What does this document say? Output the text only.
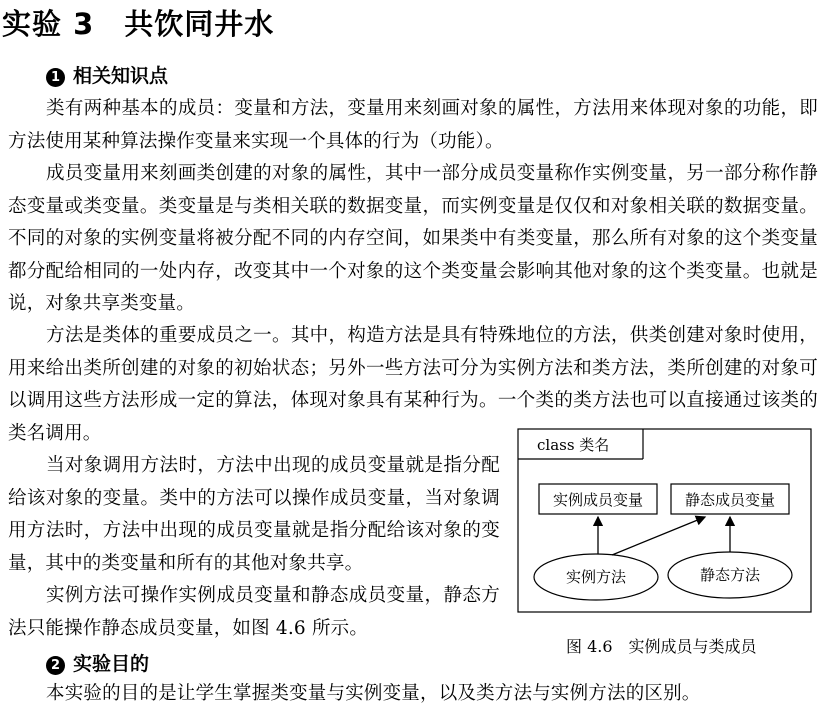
实验 3　共饮同井水
1 相关知识点
类有两种基本的成员：变量和方法，变量用来刻画对象的属性，方法用来体现对象的功能，即方法使用某种算法操作变量来实现一个具体的行为（功能）。
成员变量用来刻画类创建的对象的属性，其中一部分成员变量称作实例变量，另一部分称作静态变量或类变量。类变量是与类相关联的数据变量，而实例变量是仅仅和对象相关联的数据变量。不同的对象的实例变量将被分配不同的内存空间，如果类中有类变量，那么所有对象的这个类变量都分配给相同的一处内存，改变其中一个对象的这个类变量会影响其他对象的这个类变量。也就是说，对象共享类变量。
方法是类体的重要成员之一。其中，构造方法是具有特殊地位的方法，供类创建对象时使用，用来给出类所创建的对象的初始状态；另外一些方法可分为实例方法和类方法，类所创建的对象可以调用这些方法形成一定的算法，体现对象具有某种行为。一个类的类方法也可以直接通过该类的类名调用。
当对象调用方法时，方法中出现的成员变量就是指分配给该对象的变量。类中的方法可以操作成员变量，当对象调用方法时，方法中出现的成员变量就是指分配给该对象的变量，其中的类变量和所有的其他对象共享。
实例方法可操作实例成员变量和静态成员变量，静态方法只能操作静态成员变量，如图 4.6 所示。
class 类名
实例成员变量	静态成员变量
实例方法	静态方法
图 4.6 实例成员与类成员
2 实验目的
本实验的目的是让学生掌握类变量与实例变量，以及类方法与实例方法的区别。
